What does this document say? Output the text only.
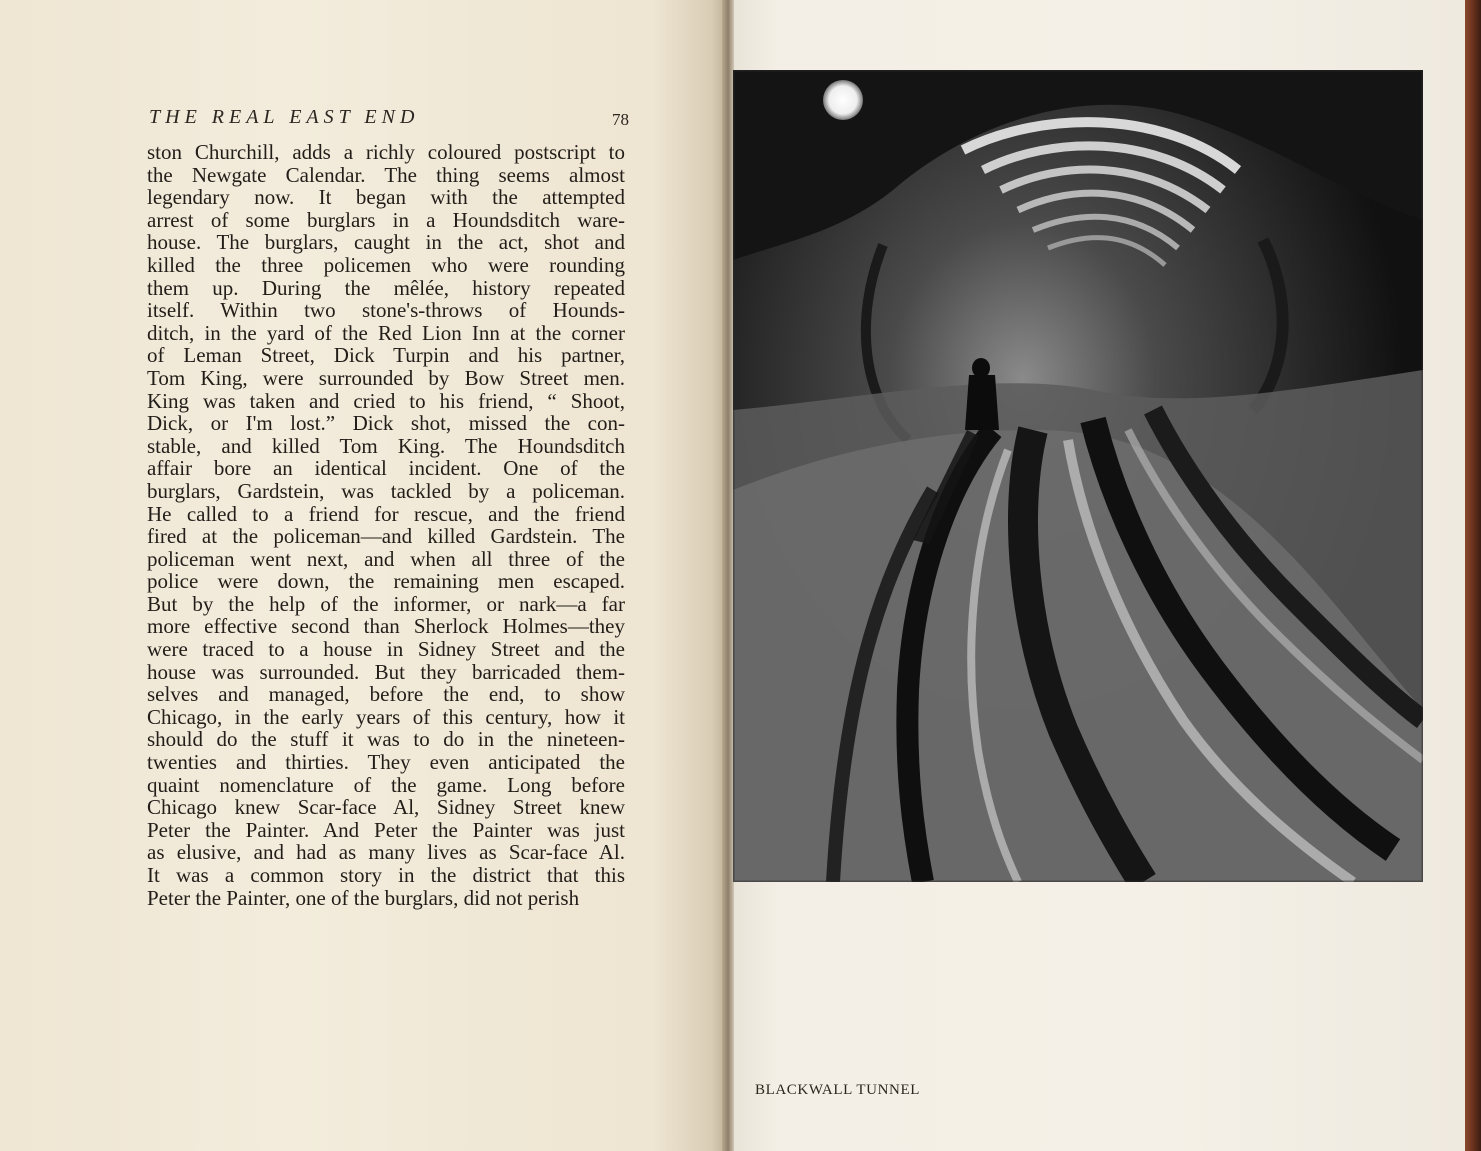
THE REAL EAST END	78
ston Churchill, adds a richly coloured postscript to
the Newgate Calendar. The thing seems almost
legendary now. It began with the attempted
arrest of some burglars in a Houndsditch ware-
house. The burglars, caught in the act, shot and
killed the three policemen who were rounding
them up. During the mêlée, history repeated
itself. Within two stone's-throws of Hounds-
ditch, in the yard of the Red Lion Inn at the corner
of Leman Street, Dick Turpin and his partner,
Tom King, were surrounded by Bow Street men.
King was taken and cried to his friend, “ Shoot,
Dick, or I'm lost.” Dick shot, missed the con-
stable, and killed Tom King. The Houndsditch
affair bore an identical incident. One of the
burglars, Gardstein, was tackled by a policeman.
He called to a friend for rescue, and the friend
fired at the policeman—and killed Gardstein. The
policeman went next, and when all three of the
police were down, the remaining men escaped.
But by the help of the informer, or nark—a far
more effective second than Sherlock Holmes—they
were traced to a house in Sidney Street and the
house was surrounded. But they barricaded them-
selves and managed, before the end, to show
Chicago, in the early years of this century, how it
should do the stuff it was to do in the nineteen-
twenties and thirties. They even anticipated the
quaint nomenclature of the game. Long before
Chicago knew Scar-face Al, Sidney Street knew
Peter the Painter. And Peter the Painter was just
as elusive, and had as many lives as Scar-face Al.
It was a common story in the district that this
Peter the Painter, one of the burglars, did not perish
BLACKWALL TUNNEL
